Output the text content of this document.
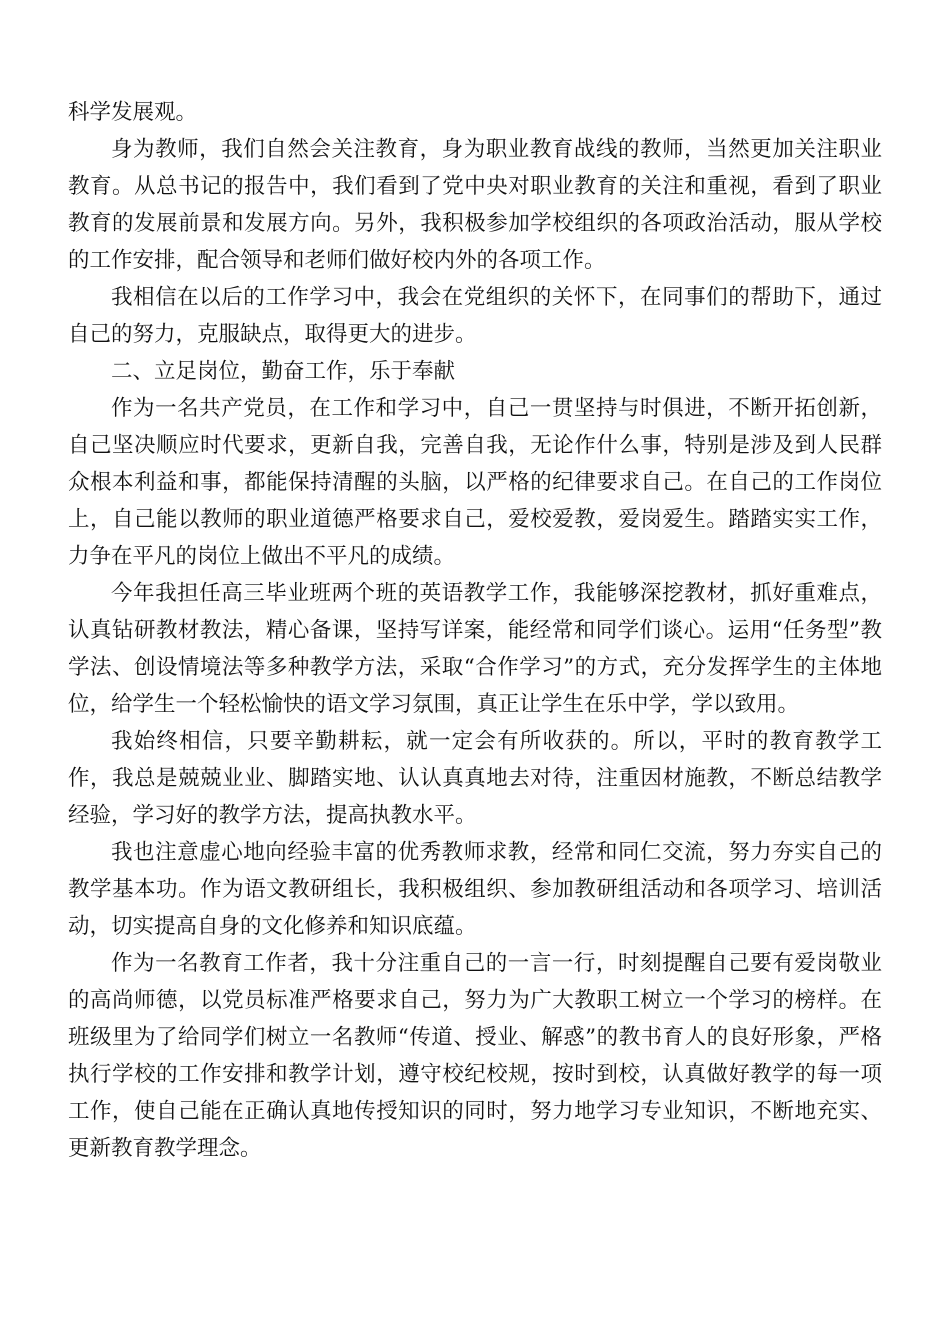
科学发展观。

身为教师，我们自然会关注教育，身为职业教育战线的教师，当然更加关注职业教育。从总书记的报告中，我们看到了党中央对职业教育的关注和重视，看到了职业教育的发展前景和发展方向。另外，我积极参加学校组织的各项政治活动，服从学校的工作安排，配合领导和老师们做好校内外的各项工作。

我相信在以后的工作学习中，我会在党组织的关怀下，在同事们的帮助下，通过自己的努力，克服缺点，取得更大的进步。

二、立足岗位，勤奋工作，乐于奉献

作为一名共产党员，在工作和学习中，自己一贯坚持与时俱进，不断开拓创新，自己坚决顺应时代要求，更新自我，完善自我，无论作什么事，特别是涉及到人民群众根本利益和事，都能保持清醒的头脑，以严格的纪律要求自己。在自己的工作岗位上，自己能以教师的职业道德严格要求自己，爱校爱教，爱岗爱生。踏踏实实工作，力争在平凡的岗位上做出不平凡的成绩。

今年我担任高三毕业班两个班的英语教学工作，我能够深挖教材，抓好重难点，认真钻研教材教法，精心备课，坚持写详案，能经常和同学们谈心。运用“任务型”教学法、创设情境法等多种教学方法，采取“合作学习”的方式，充分发挥学生的主体地位，给学生一个轻松愉快的语文学习氛围，真正让学生在乐中学，学以致用。

我始终相信，只要辛勤耕耘，就一定会有所收获的。所以，平时的教育教学工作，我总是兢兢业业、脚踏实地、认认真真地去对待，注重因材施教，不断总结教学经验，学习好的教学方法，提高执教水平。

我也注意虚心地向经验丰富的优秀教师求教，经常和同仁交流，努力夯实自己的教学基本功。作为语文教研组长，我积极组织、参加教研组活动和各项学习、培训活动，切实提高自身的文化修养和知识底蕴。

作为一名教育工作者，我十分注重自己的一言一行，时刻提醒自己要有爱岗敬业的高尚师德，以党员标准严格要求自己，努力为广大教职工树立一个学习的榜样。在班级里为了给同学们树立一名教师“传道、授业、解惑”的教书育人的良好形象，严格执行学校的工作安排和教学计划，遵守校纪校规，按时到校，认真做好教学的每一项工作，使自己能在正确认真地传授知识的同时，努力地学习专业知识，不断地充实、更新教育教学理念。
